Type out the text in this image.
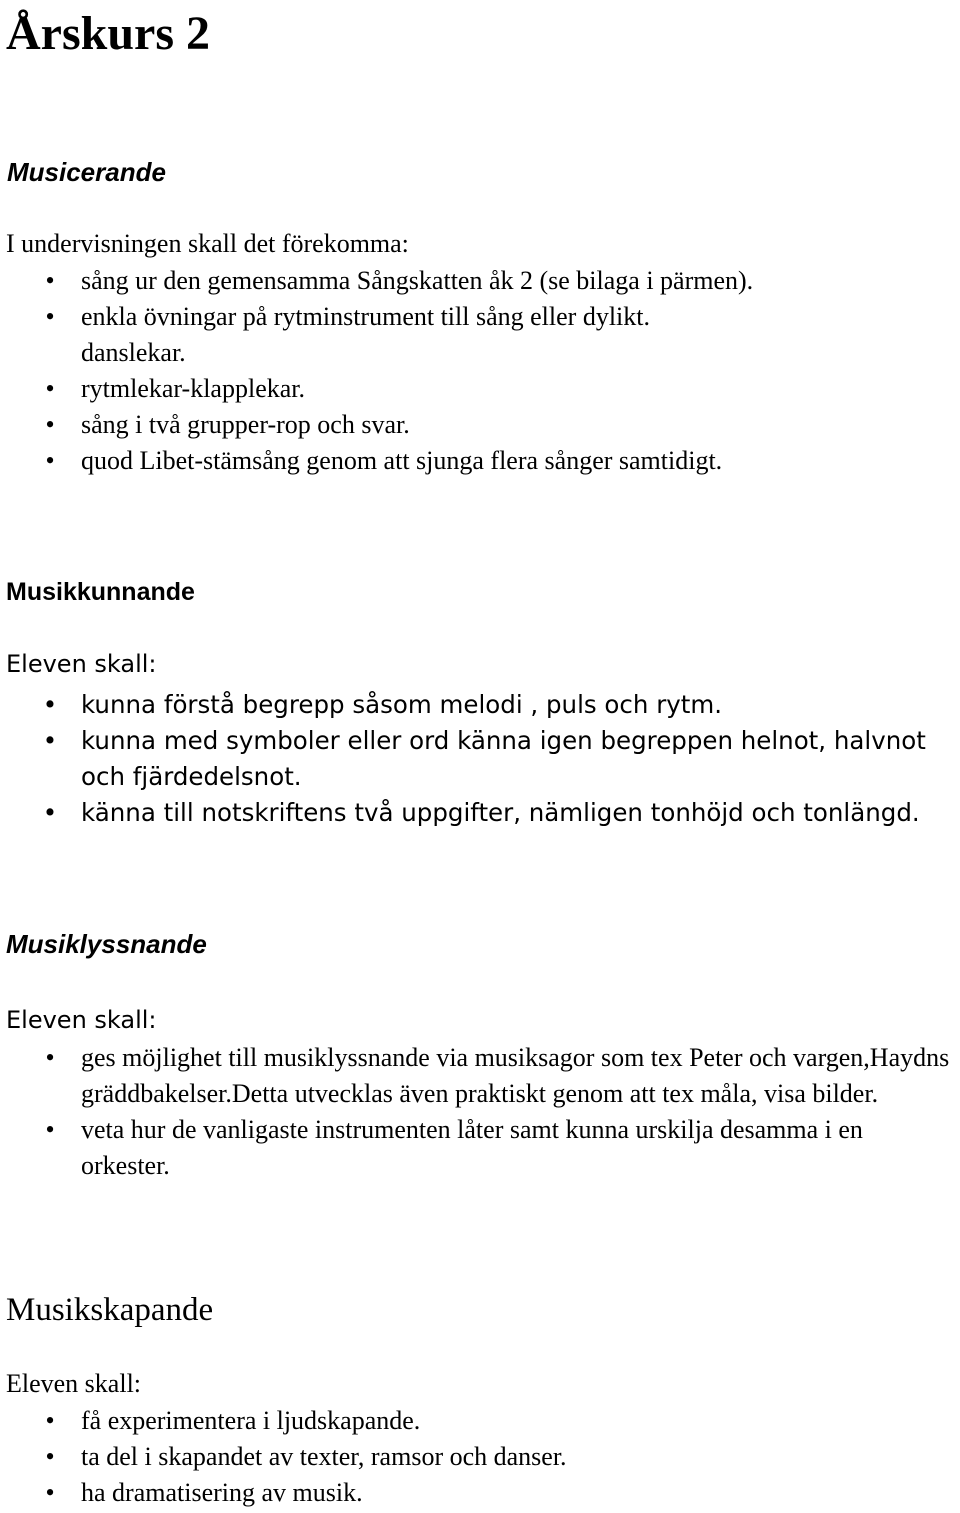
Årskurs 2
Musicerande

I undervisningen skall det förekomma:

• sång ur den gemensamma Sångskatten åk 2 (se bilaga i pärmen).
• enkla övningar på rytminstrument till sång eller dylikt.
danslekar.
• rytmlekar-klapplekar.
• sång i två grupper-rop och svar.
• quod Libet-stämsång genom att sjunga flera sånger samtidigt.
Musikkunnande

Eleven skall:

• kunna förstå begrepp såsom melodi , puls och rytm.
• kunna med symboler eller ord känna igen begreppen helnot, halvnot och fjärdedelsnot.
• känna till notskriftens två uppgifter, nämligen tonhöjd och tonlängd.
Musiklyssnande

Eleven skall:

• ges möjlighet till musiklyssnande via musiksagor som tex Peter och vargen,Haydns gräddbakelser.Detta utvecklas även praktiskt genom att tex måla, visa bilder.
• veta hur de vanligaste instrumenten låter samt kunna urskilja desamma i en orkester.
Musikskapande

Eleven skall:

• få experimentera i ljudskapande.
• ta del i skapandet av texter, ramsor och danser.
• ha dramatisering av musik.
